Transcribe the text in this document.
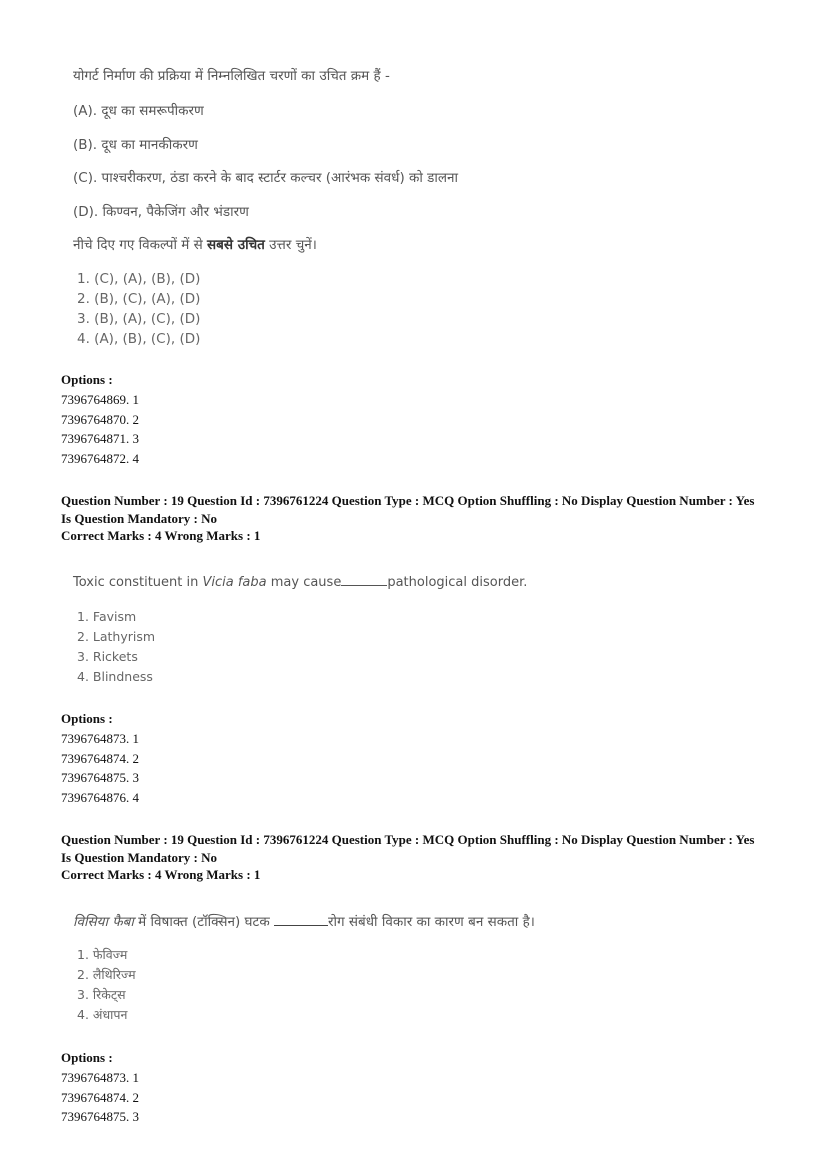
योगर्ट निर्माण की प्रक्रिया में निम्नलिखित चरणों का उचित क्रम हैं -
(A). दूध का समरूपीकरण
(B). दूध का मानकीकरण
(C). पाश्चरीकरण, ठंडा करने के बाद स्टार्टर कल्चर (आरंभक संवर्ध) को डालना
(D). किण्वन, पैकेजिंग और भंडारण
नीचे दिए गए विकल्पों में से सबसे उचित उत्तर चुनें।
1. (C), (A), (B), (D)
2. (B), (C), (A), (D)
3. (B), (A), (C), (D)
4. (A), (B), (C), (D)
Options :
7396764869. 1
7396764870. 2
7396764871. 3
7396764872. 4
Question Number : 19 Question Id : 7396761224 Question Type : MCQ Option Shuffling : No Display Question Number : Yes
Is Question Mandatory : No
Correct Marks : 4 Wrong Marks : 1
Toxic constituent in Vicia faba may cause	pathological disorder.
1. Favism
2. Lathyrism
3. Rickets
4. Blindness
Options :
7396764873. 1
7396764874. 2
7396764875. 3
7396764876. 4
Question Number : 19 Question Id : 7396761224 Question Type : MCQ Option Shuffling : No Display Question Number : Yes
Is Question Mandatory : No
Correct Marks : 4 Wrong Marks : 1
विसिया फैबा में विषाक्त (टॉक्सिन) घटक	रोग संबंधी विकार का कारण बन सकता है।
1. फेविज्म
2. लैथिरिज्म
3. रिकेट्स
4. अंधापन
Options :
7396764873. 1
7396764874. 2
7396764875. 3
